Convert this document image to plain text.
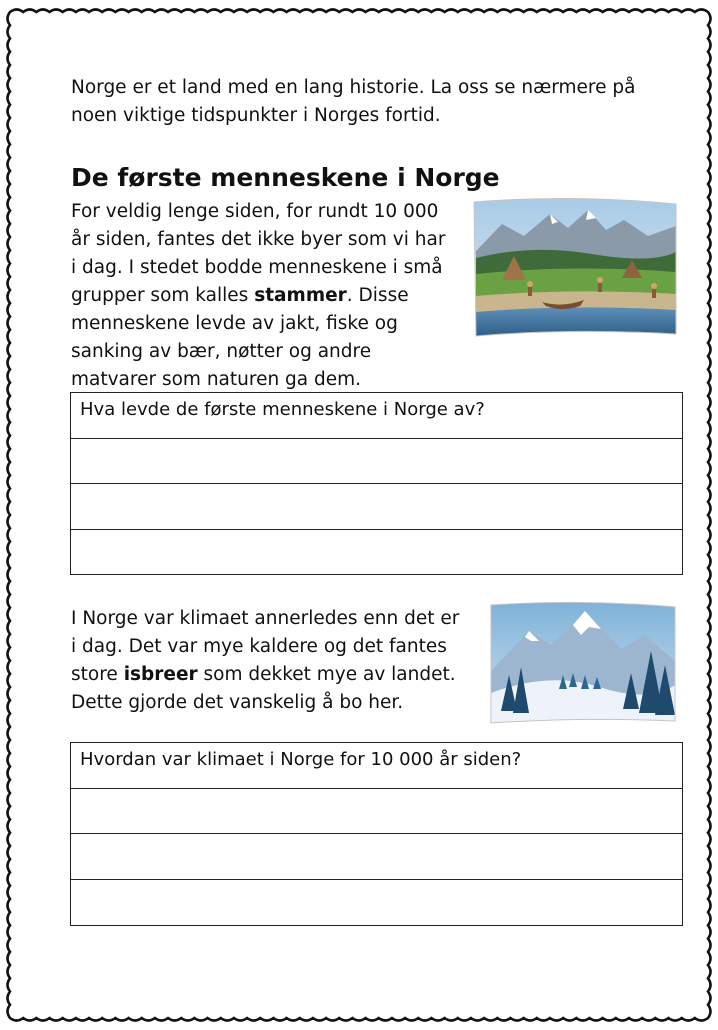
Norge er et land med en lang historie. La oss se nærmere på
noen viktige tidspunkter i Norges fortid.
De første menneskene i Norge
For veldig lenge siden, for rundt 10 000
år siden, fantes det ikke byer som vi har
i dag. I stedet bodde menneskene i små
grupper som kalles stammer. Disse
menneskene levde av jakt, fiske og
sanking av bær, nøtter og andre
matvarer som naturen ga dem.
Hva levde de første menneskene i Norge av?
I Norge var klimaet annerledes enn det er
i dag. Det var mye kaldere og det fantes
store isbreer som dekket mye av landet.
Dette gjorde det vanskelig å bo her.
Hvordan var klimaet i Norge for 10 000 år siden?
